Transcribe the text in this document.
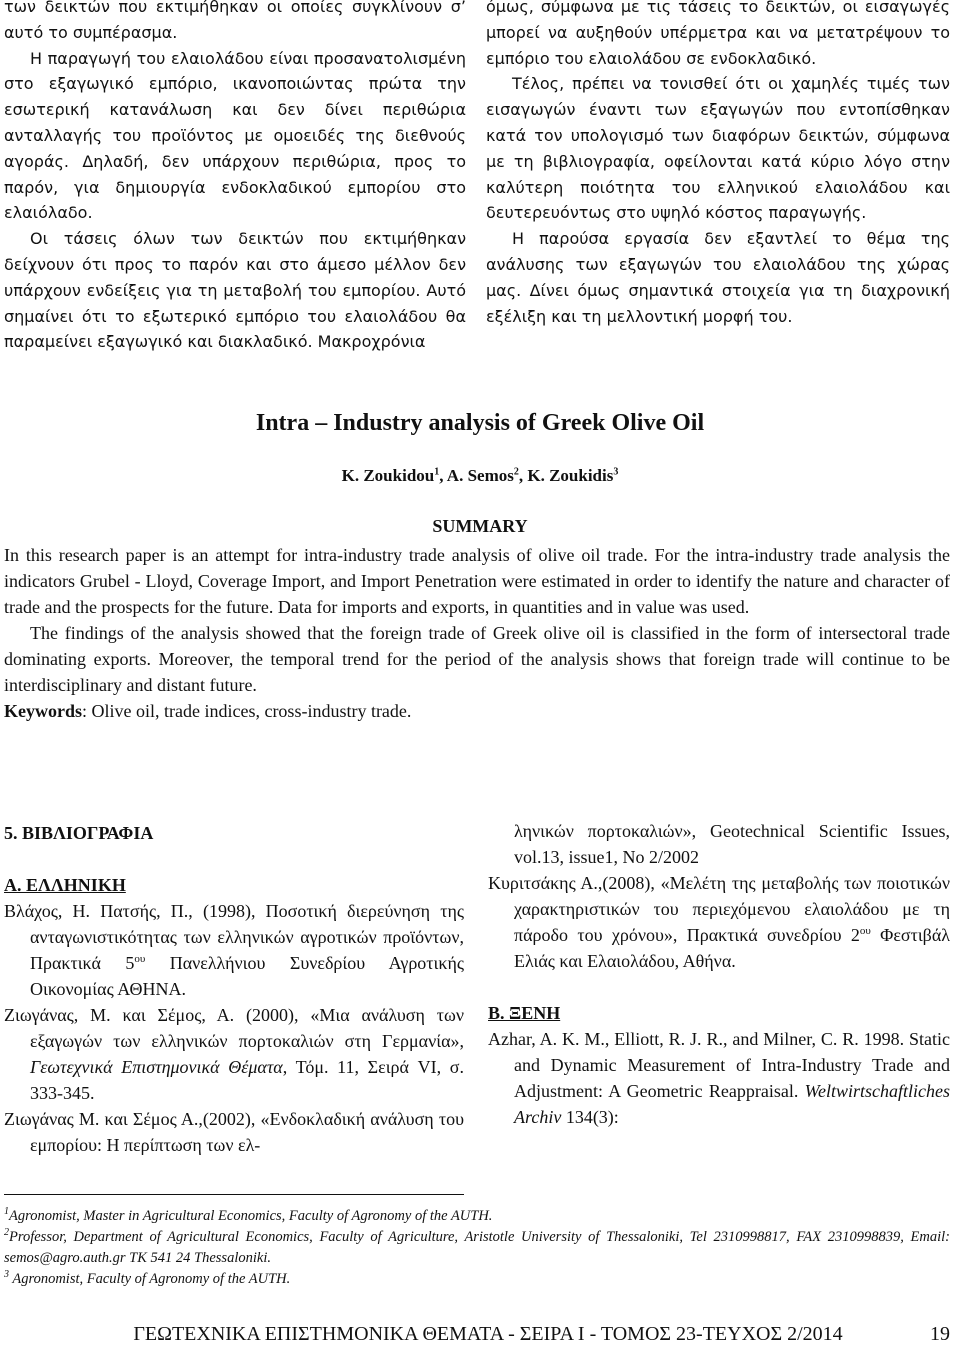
των δεικτών που εκτιμήθηκαν οι οποίες συγκλίνουν σ’ αυτό το συμπέρασμα.

Η παραγωγή του ελαιολάδου είναι προσανατολισμένη στο εξαγωγικό εμπόριο, ικανοποιώντας πρώτα την εσωτερική κατανάλωση και δεν δίνει περιθώρια ανταλλαγής του προϊόντος με ομοειδές της διεθνούς αγοράς. Δηλαδή, δεν υπάρχουν περιθώρια, προς το παρόν, για δημιουργία ενδοκλαδικού εμπορίου στο ελαιόλαδο.

Οι τάσεις όλων των δεικτών που εκτιμήθηκαν δείχνουν ότι προς το παρόν και στο άμεσο μέλλον δεν υπάρχουν ενδείξεις για τη μεταβολή του εμπορίου. Αυτό σημαίνει ότι το εξωτερικό εμπόριο του ελαιολάδου θα παραμείνει εξαγωγικό και διακλαδικό. Μακροχρόνια

όμως, σύμφωνα με τις τάσεις το δεικτών, οι εισαγωγές μπορεί να αυξηθούν υπέρμετρα και να μετατρέψουν το εμπόριο του ελαιολάδου σε ενδοκλαδικό.

Τέλος, πρέπει να τονισθεί ότι οι χαμηλές τιμές των εισαγωγών έναντι των εξαγωγών που εντοπίσθηκαν κατά τον υπολογισμό των διαφόρων δεικτών, σύμφωνα με τη βιβλιογραφία, οφείλονται κατά κύριο λόγο στην καλύτερη ποιότητα του ελληνικού ελαιολάδου και δευτερευόντως στο υψηλό κόστος παραγωγής.

Η παρούσα εργασία δεν εξαντλεί το θέμα της ανάλυσης των εξαγωγών του ελαιολάδου της χώρας μας. Δίνει όμως σημαντικά στοιχεία για τη διαχρονική εξέλιξη και τη μελλοντική μορφή του.

Intra – Industry analysis of Greek Olive Oil
K. Zoukidou$^1$, A. Semos$^2$, K. Zoukidis$^3$
SUMMARY

In this research paper is an attempt for intra-industry trade analysis of olive oil trade. For the intra-industry trade analysis the indicators Grubel - Lloyd, Coverage Import, and Import Penetration were estimated in order to identify the nature and character of trade and the prospects for the future. Data for imports and exports, in quantities and in value was used.

The findings of the analysis showed that the foreign trade of Greek olive oil is classified in the form of intersectoral trade dominating exports. Moreover, the temporal trend for the period of the analysis shows that foreign trade will continue to be interdisciplinary and distant future.

Keywords: Olive oil, trade indices, cross-industry trade.

5. ΒΙΒΛΙΟΓΡΑΦΙΑ

Α. ΕΛΛΗΝΙΚΗ

Βλάχος, Η. Πατσής, Π., (1998), Ποσοτική διερεύνηση της ανταγωνιστικότητας των ελληνικών αγροτικών προϊόντων, Πρακτικά $5^{o\upsilon}$ Πανελλήνιου Συνεδρίου Αγροτικής Οικονομίας ΑΘΗΝΑ.

Ζιωγάνας, Μ. και Σέμος, Α. (2000), «Μια ανάλυση των εξαγωγών των ελληνικών πορτοκαλιών στη Γερμανία», Γεωτεχνικά Επιστημονικά Θέματα, Τόμ. 11, Σειρά VI, σ. 333-345.

Ζιωγάνας Μ. και Σέμος Α.,(2002), «Ενδοκλαδική ανάλυση του εμπορίου: Η περίπτωση των ελ-

ληνικών πορτοκαλιών», Geotechnical Scientific Issues, vol.13, issue1, No 2/2002

Κυριτσάκης Α.,(2008), «Μελέτη της μεταβολής των ποιοτικών χαρακτηριστικών του περιεχόμενου ελαιολάδου με τη πάροδο του χρόνου», Πρακτικά συνεδρίου $2^{o\upsilon}$ Φεστιβάλ Ελιάς και Ελαιολάδου, Αθήνα.

Β. ΞΕΝΗ

Azhar, A. K. M., Elliott, R. J. R., and Milner, C. R. 1998. Static and Dynamic Measurement of Intra-Industry Trade and Adjustment: A Geometric Reappraisal. Weltwirtschaftliches Archiv 134(3):

$^1$Agronomist, Master in Agricultural Economics, Faculty of Agronomy of the AUTH.
$^2$Professor, Department of Agricultural Economics, Faculty of Agriculture, Aristotle University of Thessaloniki, Tel 2310998817, FAX 2310998839, Email: semos@agro.auth.gr TK 541 24 Thessaloniki.
$^3$ Agronomist, Faculty of Agronomy of the AUTH.
ΓΕΩΤΕΧΝΙΚΑ ΕΠΙΣΤΗΜΟΝΙΚΑ ΘΕΜΑΤΑ - ΣΕΙΡΑ Ι - ΤΟΜΟΣ 23-ΤΕΥΧΟΣ 2/2014	19
